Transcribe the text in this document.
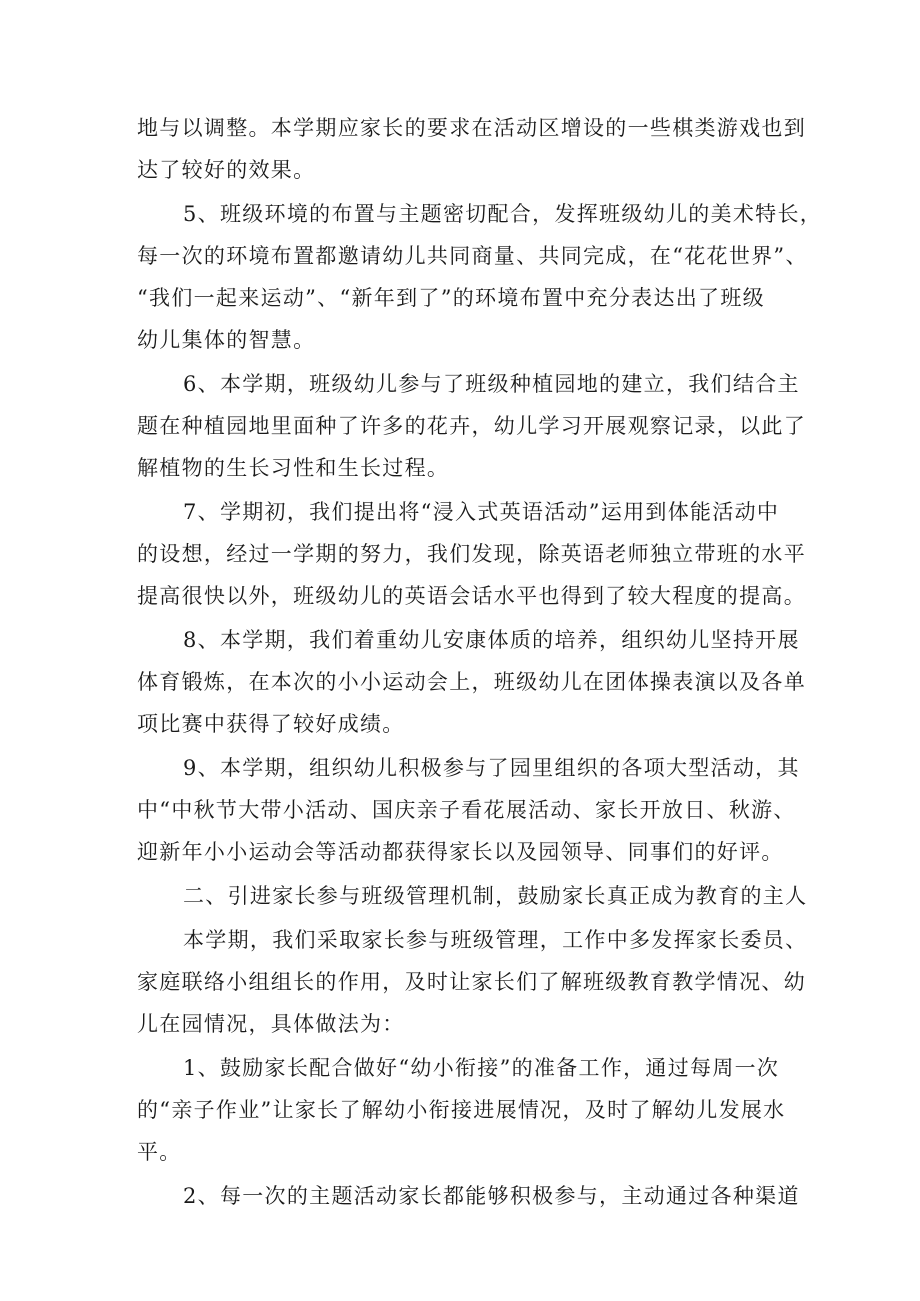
地与以调整。本学期应家长的要求在活动区增设的一些棋类游戏也到
达了较好的效果。
5、班级环境的布置与主题密切配合，发挥班级幼儿的美术特长，
每一次的环境布置都邀请幼儿共同商量、共同完成，在“花花世界”、
“我们一起来运动”、“新年到了”的环境布置中充分表达出了班级
幼儿集体的智慧。
6、本学期，班级幼儿参与了班级种植园地的建立，我们结合主
题在种植园地里面种了许多的花卉，幼儿学习开展观察记录，以此了
解植物的生长习性和生长过程。
7、学期初，我们提出将“浸入式英语活动”运用到体能活动中
的设想，经过一学期的努力，我们发现，除英语老师独立带班的水平
提高很快以外，班级幼儿的英语会话水平也得到了较大程度的提高。
8、本学期，我们着重幼儿安康体质的培养，组织幼儿坚持开展
体育锻炼，在本次的小小运动会上，班级幼儿在团体操表演以及各单
项比赛中获得了较好成绩。
9、本学期，组织幼儿积极参与了园里组织的各项大型活动，其
中“中秋节大带小活动、国庆亲子看花展活动、家长开放日、秋游、
迎新年小小运动会等活动都获得家长以及园领导、同事们的好评。
二、引进家长参与班级管理机制，鼓励家长真正成为教育的主人
本学期，我们采取家长参与班级管理，工作中多发挥家长委员、
家庭联络小组组长的作用，及时让家长们了解班级教育教学情况、幼
儿在园情况，具体做法为：
1、鼓励家长配合做好“幼小衔接”的准备工作，通过每周一次
的“亲子作业”让家长了解幼小衔接进展情况，及时了解幼儿发展水
平。
2、每一次的主题活动家长都能够积极参与，主动通过各种渠道
